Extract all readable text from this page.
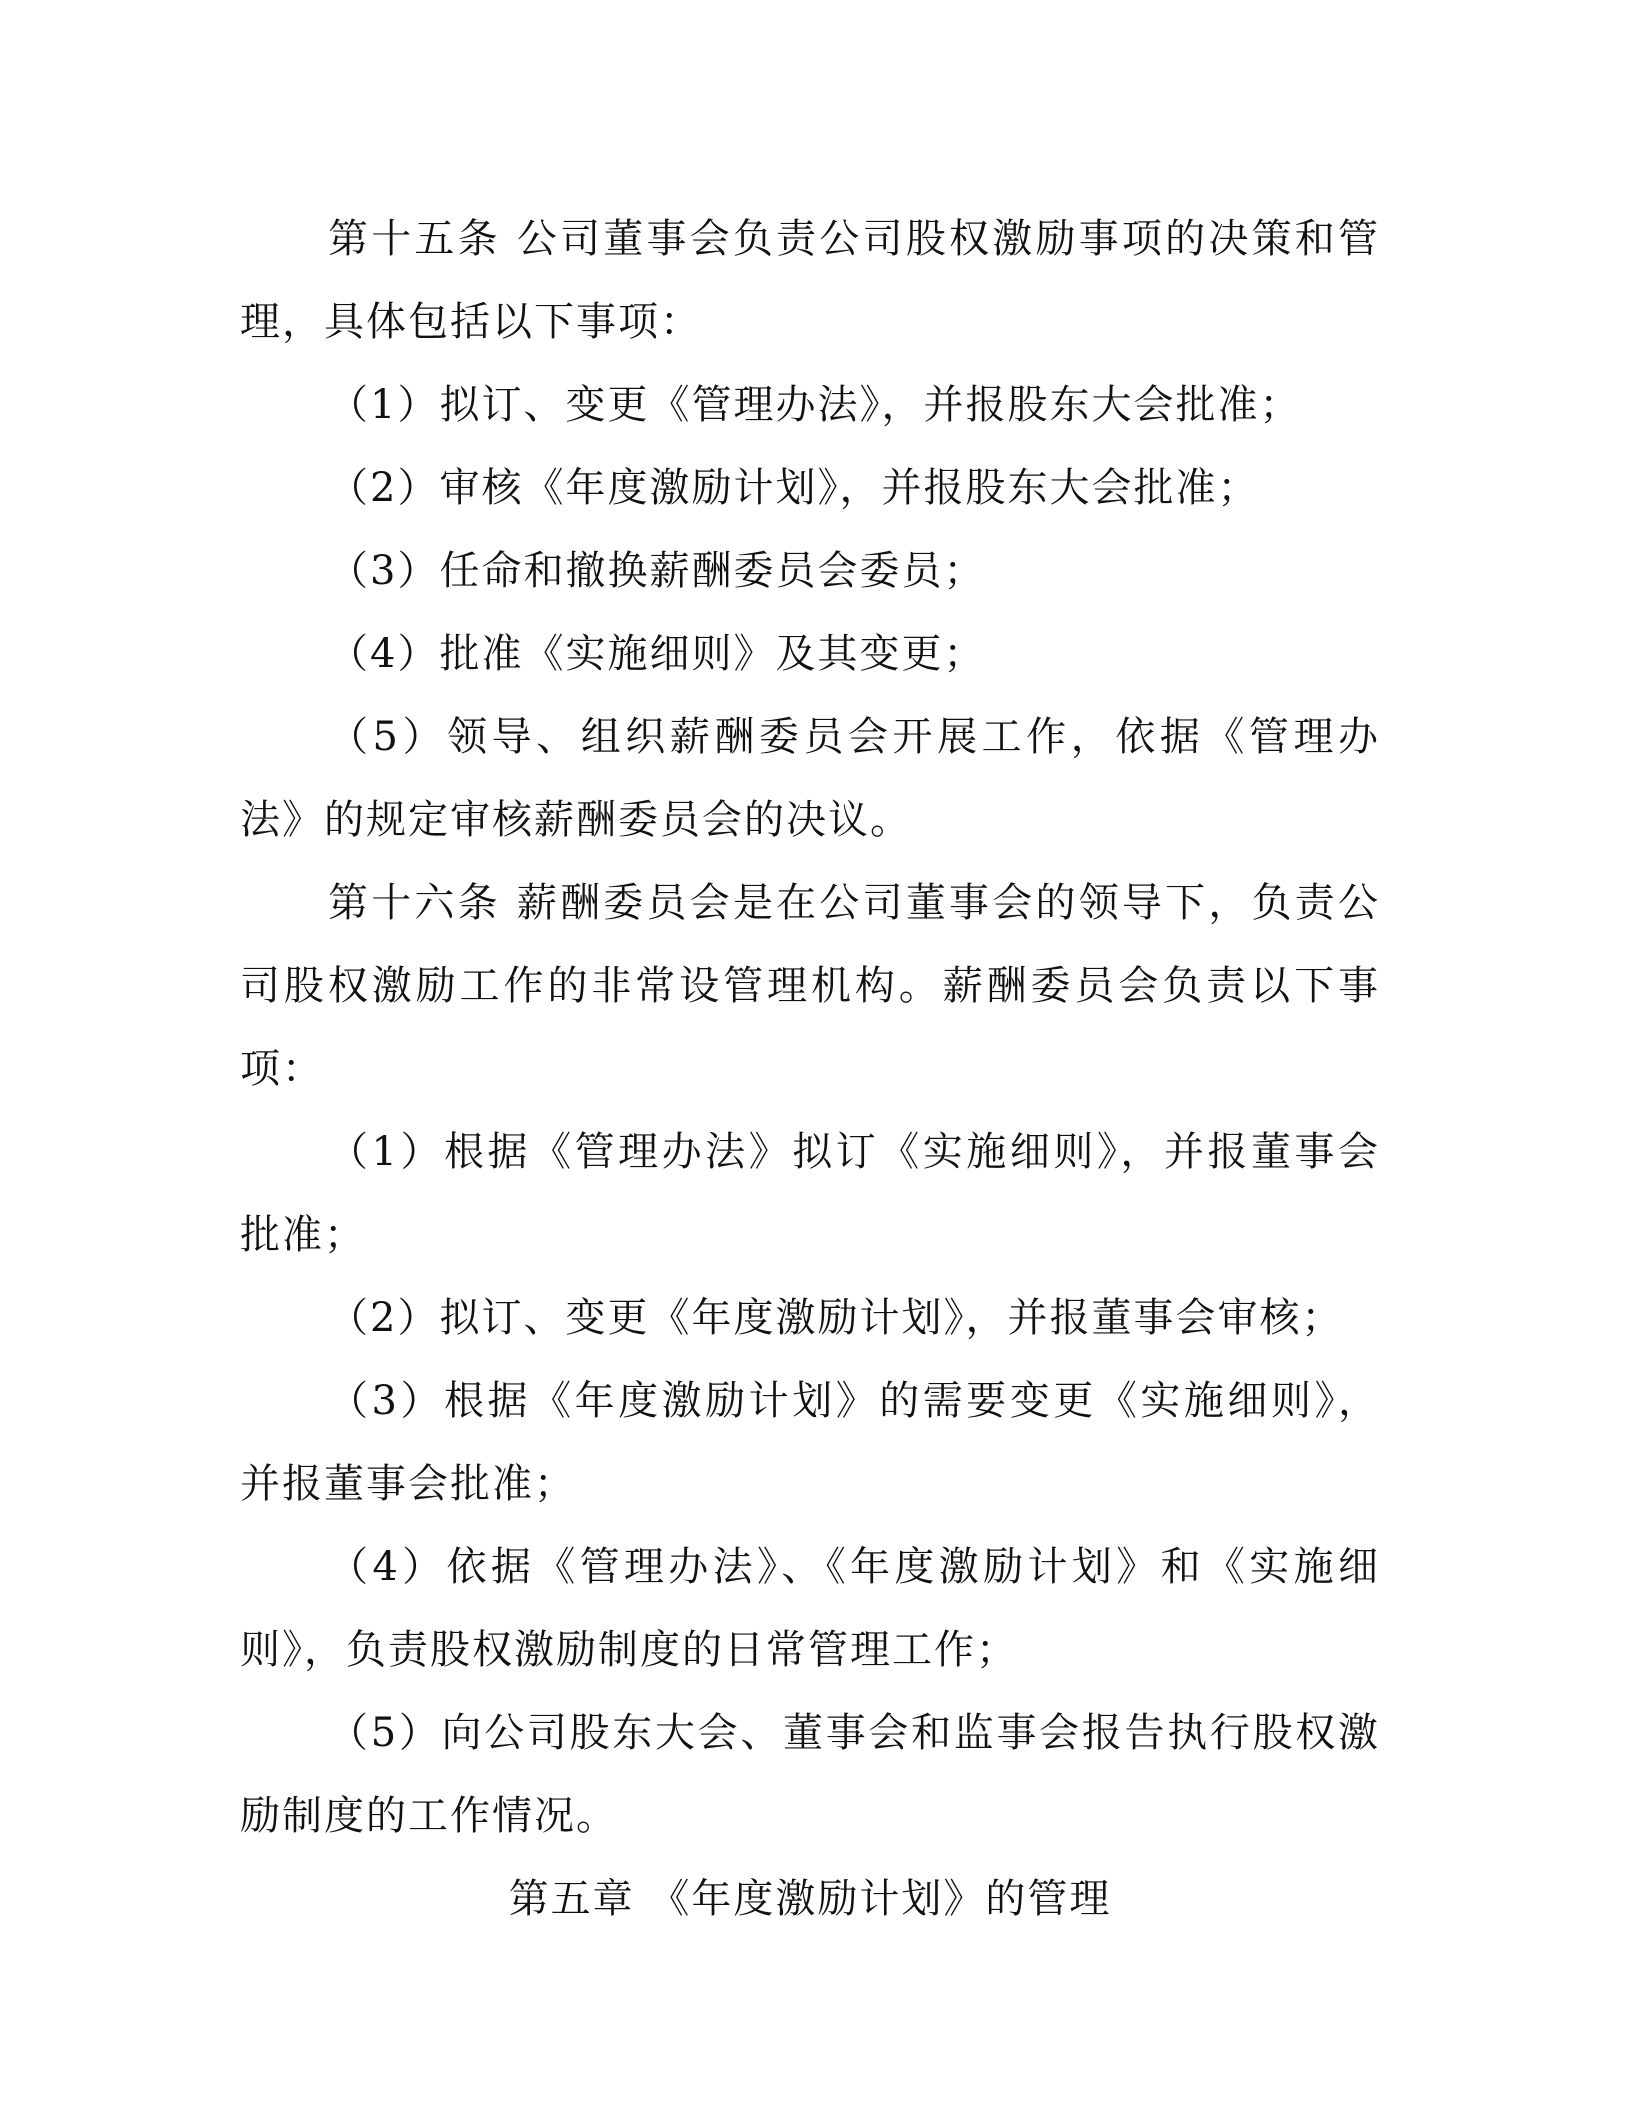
第十五条 公司董事会负责公司股权激励事项的决策和管理，具体包括以下事项：

（1）拟订、变更《管理办法》，并报股东大会批准；

（2）审核《年度激励计划》，并报股东大会批准；

（3）任命和撤换薪酬委员会委员；

（4）批准《实施细则》及其变更；

（5）领导、组织薪酬委员会开展工作，依据《管理办法》的规定审核薪酬委员会的决议。

第十六条 薪酬委员会是在公司董事会的领导下，负责公司股权激励工作的非常设管理机构。薪酬委员会负责以下事项：

（1）根据《管理办法》拟订《实施细则》，并报董事会批准；

（2）拟订、变更《年度激励计划》，并报董事会审核；

（3）根据《年度激励计划》的需要变更《实施细则》，并报董事会批准；

（4）依据《管理办法》、《年度激励计划》和《实施细则》，负责股权激励制度的日常管理工作；

（5）向公司股东大会、董事会和监事会报告执行股权激励制度的工作情况。

第五章 《年度激励计划》的管理
